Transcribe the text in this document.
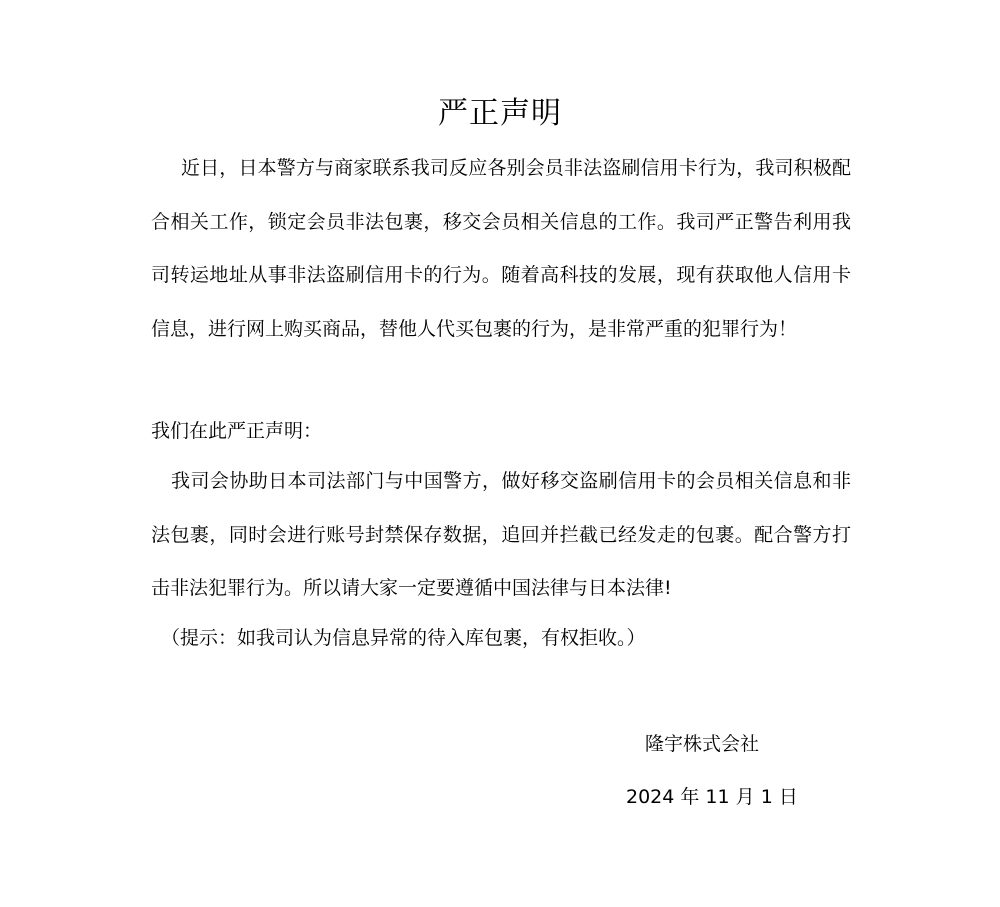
严正声明

近日，日本警方与商家联系我司反应各别会员非法盗刷信用卡行为，我司积极配合相关工作，锁定会员非法包裹，移交会员相关信息的工作。我司严正警告利用我司转运地址从事非法盗刷信用卡的行为。随着高科技的发展，现有获取他人信用卡信息，进行网上购买商品，替他人代买包裹的行为，是非常严重的犯罪行为！

我们在此严正声明：

我司会协助日本司法部门与中国警方，做好移交盗刷信用卡的会员相关信息和非法包裹，同时会进行账号封禁保存数据，追回并拦截已经发走的包裹。配合警方打击非法犯罪行为。所以请大家一定要遵循中国法律与日本法律!

（提示：如我司认为信息异常的待入库包裹，有权拒收。）

隆宇株式会社
2024 年 11 月 1 日
